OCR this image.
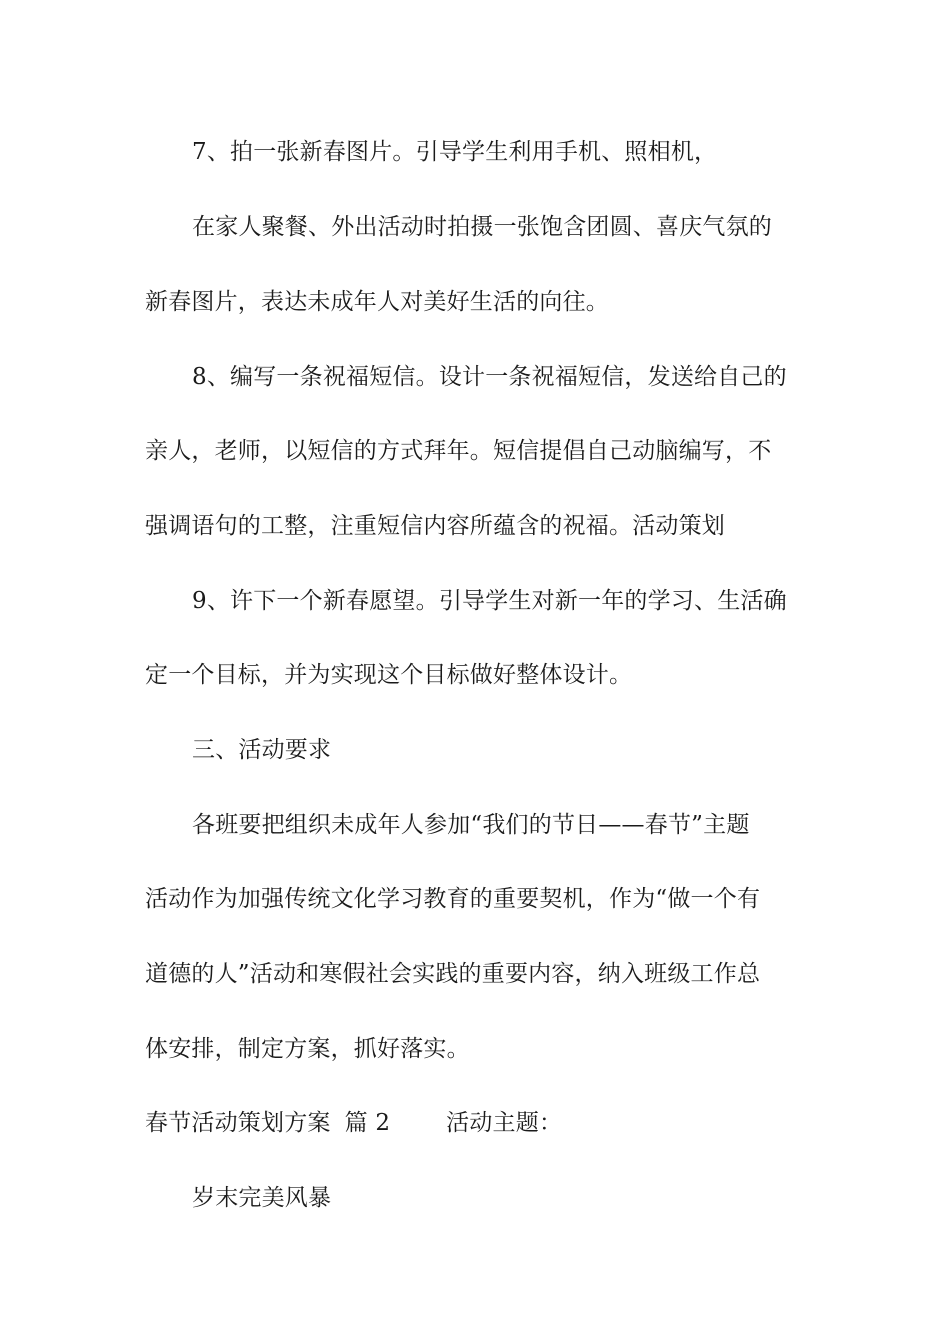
7、拍一张新春图片。引导学生利用手机、照相机，
在家人聚餐、外出活动时拍摄一张饱含团圆、喜庆气氛的
新春图片，表达未成年人对美好生活的向往。
8、编写一条祝福短信。设计一条祝福短信，发送给自己的
亲人，老师，以短信的方式拜年。短信提倡自己动脑编写，不
强调语句的工整，注重短信内容所蕴含的祝福。活动策划
9、许下一个新春愿望。引导学生对新一年的学习、生活确
定一个目标，并为实现这个目标做好整体设计。
三、活动要求
各班要把组织未成年人参加“我们的节日——春节”主题
活动作为加强传统文化学习教育的重要契机，作为“做一个有
道德的人”活动和寒假社会实践的重要内容，纳入班级工作总
体安排，制定方案，抓好落实。
春节活动策划方案 篇 2 活动主题：
岁末完美风暴
